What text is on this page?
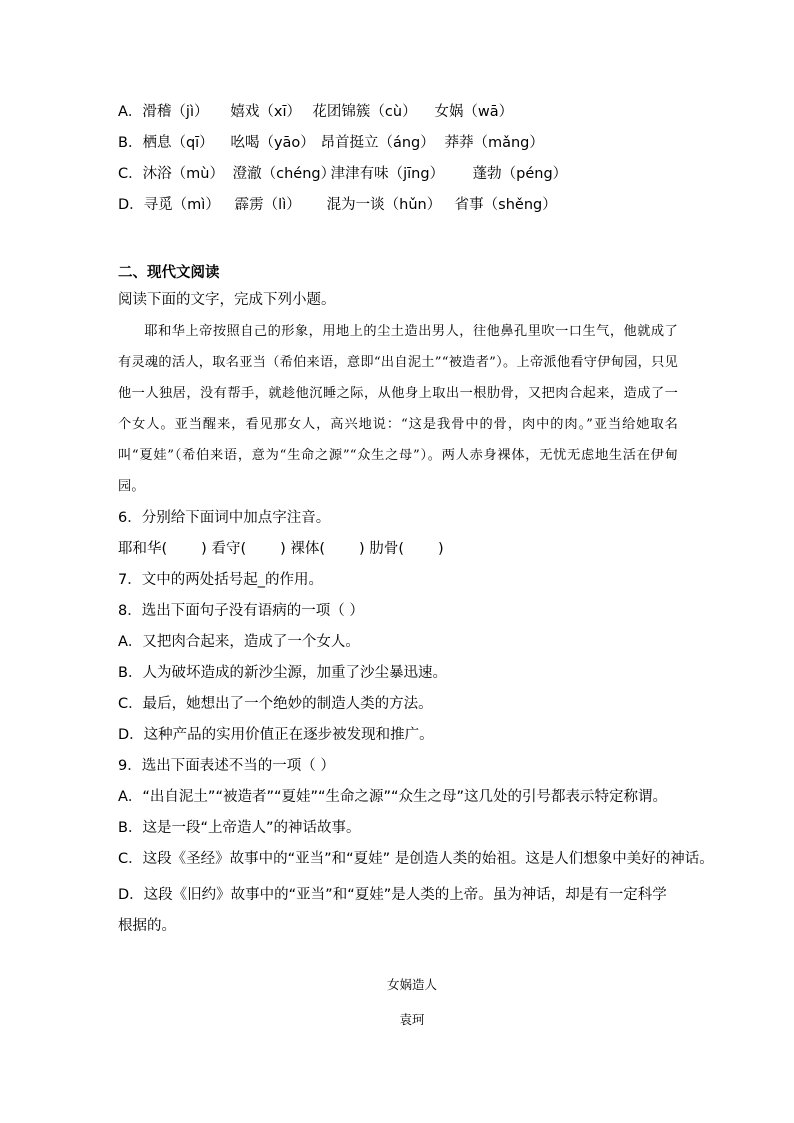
A．滑稽（jì） 嬉戏（xī） 花团锦簇（cù） 女娲（wā）
B．栖息（qī） 吆喝（yāo） 昂首挺立（áng） 莽莽（mǎng）
C．沐浴（mù） 澄澈（chéng）津津有味（jīng） 蓬勃（péng）
D．寻觅（mì） 霹雳（lì） 混为一谈（hǔn） 省事（shěng）
二、现代文阅读
阅读下面的文字，完成下列小题。
耶和华上帝按照自己的形象，用地上的尘土造出男人，往他鼻孔里吹一口生气，他就成了有灵魂的活人，取名亚当（希伯来语，意即“出自泥土”“被造者”）。上帝派他看守伊甸园，只见他一人独居，没有帮手，就趁他沉睡之际，从他身上取出一根肋骨，又把肉合起来，造成了一个女人。亚当醒来，看见那女人，高兴地说：“这是我骨中的骨，肉中的肉。”亚当给她取名叫“夏娃”（希伯来语，意为“生命之源”“众生之母”）。两人赤身裸体，无忧无虑地生活在伊甸园。
6．分别给下面词中加点字注音。
耶和华( ) 看守( ) 裸体( ) 肋骨( )
7．文中的两处括号起_的作用。
8．选出下面句子没有语病的一项（ ）
A．又把肉合起来，造成了一个女人。
B．人为破坏造成的新沙尘源，加重了沙尘暴迅速。
C．最后，她想出了一个绝妙的制造人类的方法。
D．这种产品的实用价值正在逐步被发现和推广。
9．选出下面表述不当的一项（ ）
A．“出自泥土”“被造者”“夏娃”“生命之源”“众生之母”这几处的引号都表示特定称谓。
B．这是一段“上帝造人”的神话故事。
C．这段《圣经》故事中的“亚当”和“夏娃” 是创造人类的始祖。这是人们想象中美好的神话。
D．这段《旧约》故事中的“亚当”和“夏娃”是人类的上帝。虽为神话，却是有一定科学根据的。
女娲造人
袁珂
